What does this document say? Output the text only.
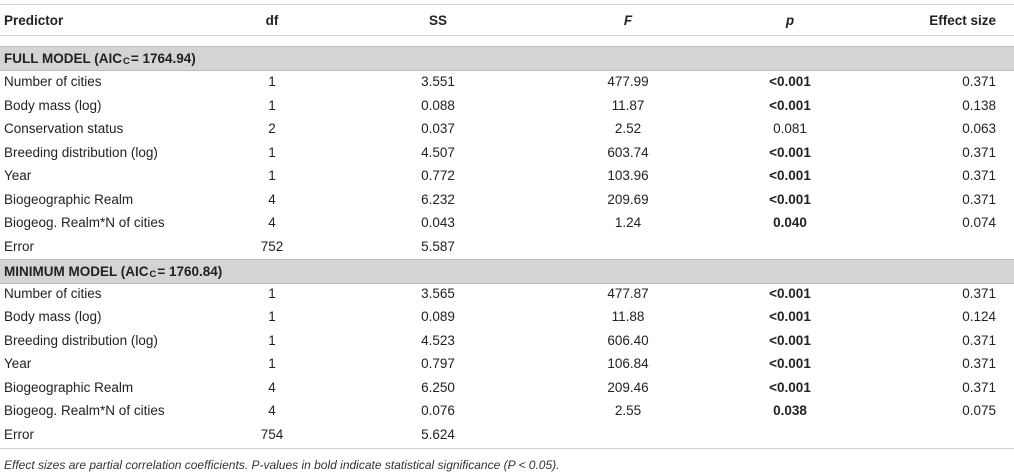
Predictor	df	SS	F	p	Effect size
FULL MODEL (AIC C = 1764.94)
Number of cities	1	3.551	477.99	<0.001	0.371
Body mass (log)	1	0.088	11.87	<0.001	0.138
Conservation status	2	0.037	2.52	0.081	0.063
Breeding distribution (log)	1	4.507	603.74	<0.001	0.371
Year	1	0.772	103.96	<0.001	0.371
Biogeographic Realm	4	6.232	209.69	<0.001	0.371
Biogeog. Realm*N of cities	4	0.043	1.24	0.040	0.074
Error	752	5.587
MINIMUM MODEL (AIC C = 1760.84)
Number of cities	1	3.565	477.87	<0.001	0.371
Body mass (log)	1	0.089	11.88	<0.001	0.124
Breeding distribution (log)	1	4.523	606.40	<0.001	0.371
Year	1	0.797	106.84	<0.001	0.371
Biogeographic Realm	4	6.250	209.46	<0.001	0.371
Biogeog. Realm*N of cities	4	0.076	2.55	0.038	0.075
Error	754	5.624
Effect sizes are partial correlation coefficients. P-values in bold indicate statistical significance (P < 0.05).
